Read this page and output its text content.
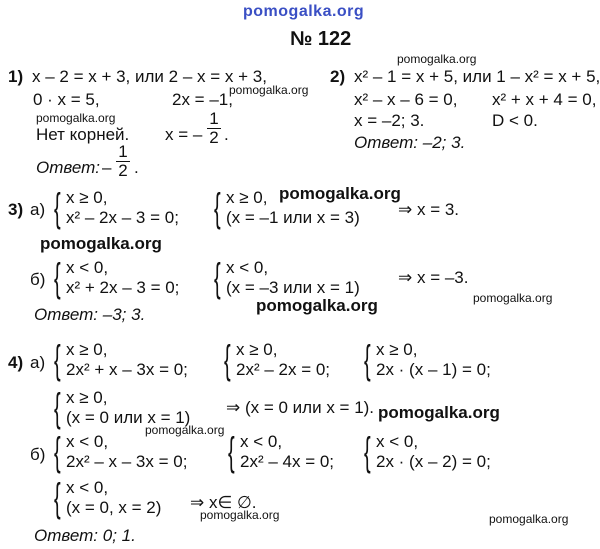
pomogalka.org
pomogalka.org
pomogalka.org
pomogalka.org
pomogalka.org
pomogalka.org
pomogalka.org
pomogalka.org
pomogalka.org
pomogalka.org
pomogalka.org	pomogalka.org
№ 122
1) x – 2 = x + 3, или 2 – x = x + 3,
0 · x = 5,	2x = –1,
Нет корней. x = –
1
2 .
Ответ: –
1
2 .
2) x² – 1 = x + 5, или 1 – x² = x + 5,
x² – x – 6 = 0, x² + x + 4 = 0,
x = –2; 3.	D < 0.
Ответ: –2; 3.
3) а) { x ≥ 0,
x² – 2x – 3 = 0; { x ≥ 0,
(x = –1 или x = 3) ⇒ x = 3.
б) { x < 0,
x² + 2x – 3 = 0; { x < 0,
(x = –3 или x = 1)
⇒ x = –3.
Ответ: –3; 3.
4) а) { x ≥ 0,
2x² + x – 3x = 0; { x ≥ 0,
2x² – 2x = 0; { x ≥ 0,
2x · (x – 1) = 0;
{ x ≥ 0,
(x = 0 или x = 1)
⇒ (x = 0 или x = 1).
б) { x < 0,
2x² – x – 3x = 0; { x < 0,
2x² – 4x = 0; { x < 0,
2x · (x – 2) = 0;
{ x < 0,
(x = 0, x = 2) ⇒ x∈ ∅.
Ответ: 0; 1.
